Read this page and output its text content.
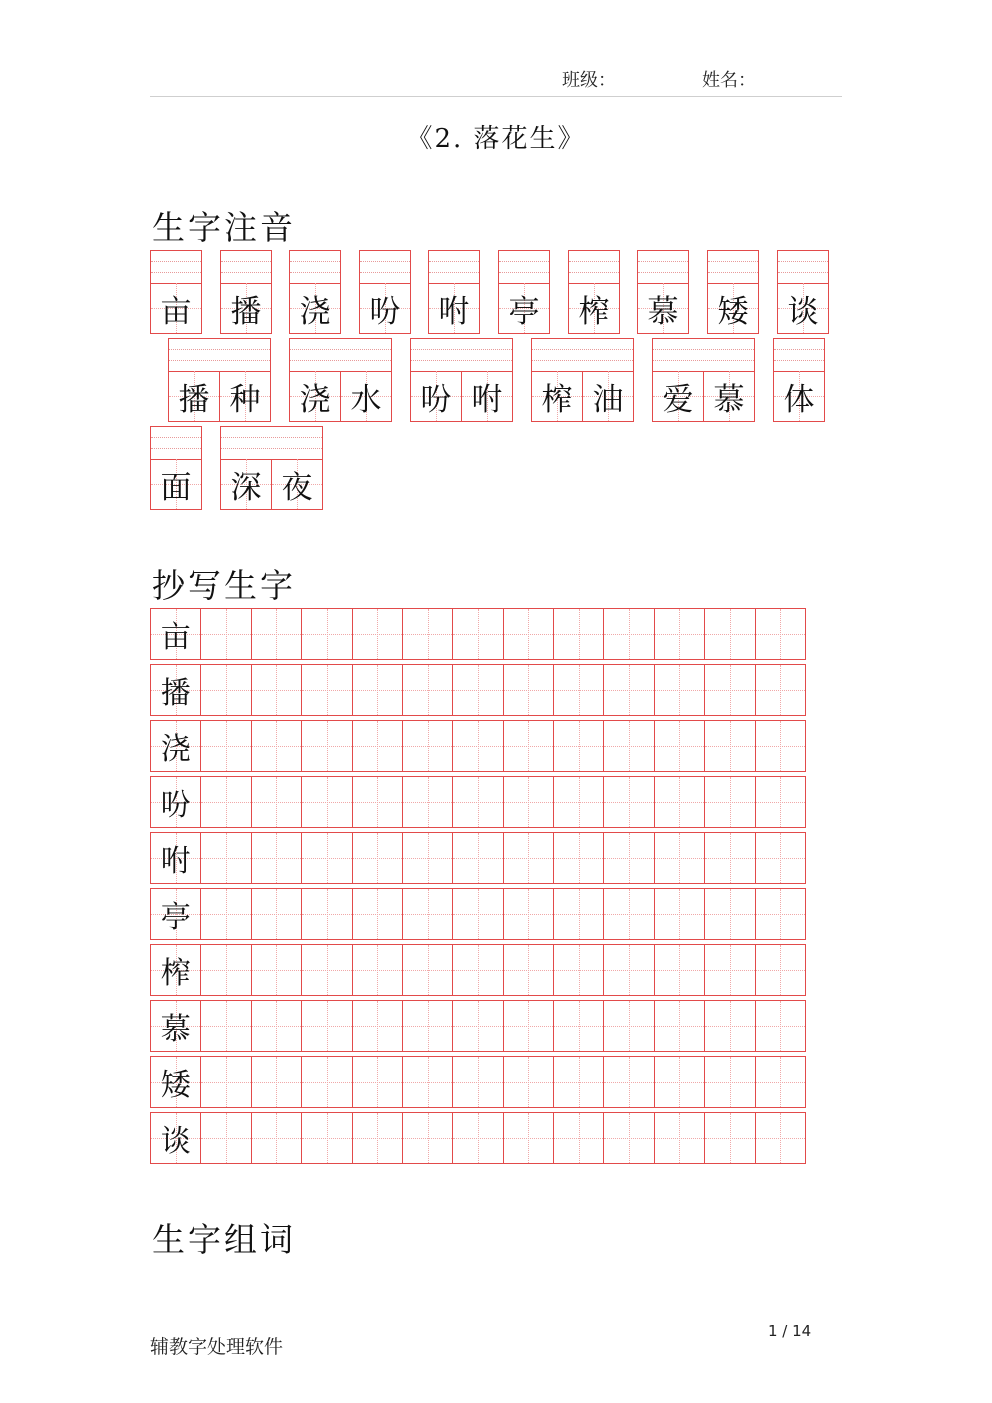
班级：	姓名：
《2. 落花生》
生字注音
抄写生字
生字组词
亩	播	浇	吩	咐	亭	榨	慕	矮	谈
播 种	浇 水	吩 咐	榨 油	爱 慕	体
面	深 夜
亩
播
浇
吩
咐
亭
榨
慕
矮
谈
辅教字处理软件
1 / 14
